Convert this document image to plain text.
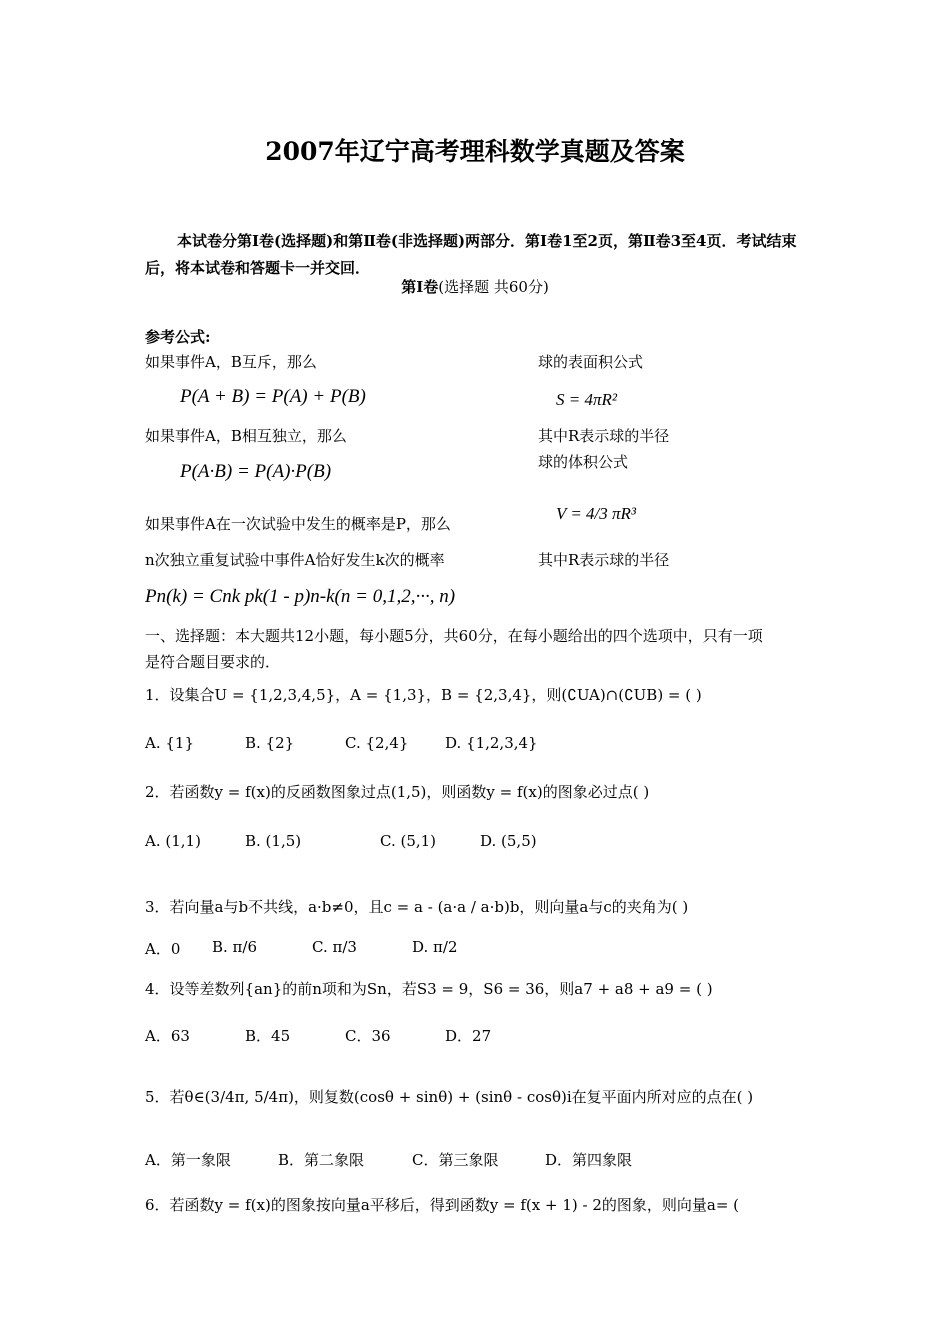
2007年辽宁高考理科数学真题及答案
本试卷分第Ⅰ卷(选择题)和第Ⅱ卷(非选择题)两部分．第Ⅰ卷1至2页，第Ⅱ卷3至4页．考试结束后，将本试卷和答题卡一并交回．
第Ⅰ卷(选择题 共60分)
参考公式:
如果事件A，B互斥，那么
P(A + B) = P(A) + P(B)
如果事件A，B相互独立，那么
P(A·B) = P(A)·P(B)
如果事件A在一次试验中发生的概率是P，那么
n次独立重复试验中事件A恰好发生k次的概率
Pn(k) = Cnk pk(1 - p)n-k(n = 0,1,2,···, n)
球的表面积公式
S = 4πR²
其中R表示球的半径
球的体积公式
V = 4/3 πR³
其中R表示球的半径
一、选择题：本大题共12小题，每小题5分，共60分，在每小题给出的四个选项中，只有一项
是符合题目要求的．
1．设集合U = {1,2,3,4,5}，A = {1,3}，B = {2,3,4}，则(∁UA)∩(∁UB) = ( )
A. {1}	B. {2}	C. {2,4} D. {1,2,3,4}
2．若函数y = f(x)的反函数图象过点(1,5)，则函数y = f(x)的图象必过点( )
A. (1,1)	B. (1,5)	C. (5,1)	D. (5,5)
3．若向量a与b不共线，a·b≠0，且c = a - (a·a / a·b)b，则向量a与c的夹角为( )
A．0 B. π/6	C. π/3	D. π/2
4．设等差数列{an}的前n项和为Sn，若S3 = 9，S6 = 36，则a7 + a8 + a9 = ( )
A．63	B．45	C．36	D．27
5．若θ∈(3/4π, 5/4π)，则复数(cosθ + sinθ) + (sinθ - cosθ)i在复平面内所对应的点在( )
A．第一象限	B．第二象限	C．第三象限	D．第四象限
6．若函数y = f(x)的图象按向量a平移后，得到函数y = f(x + 1) - 2的图象，则向量a= (
